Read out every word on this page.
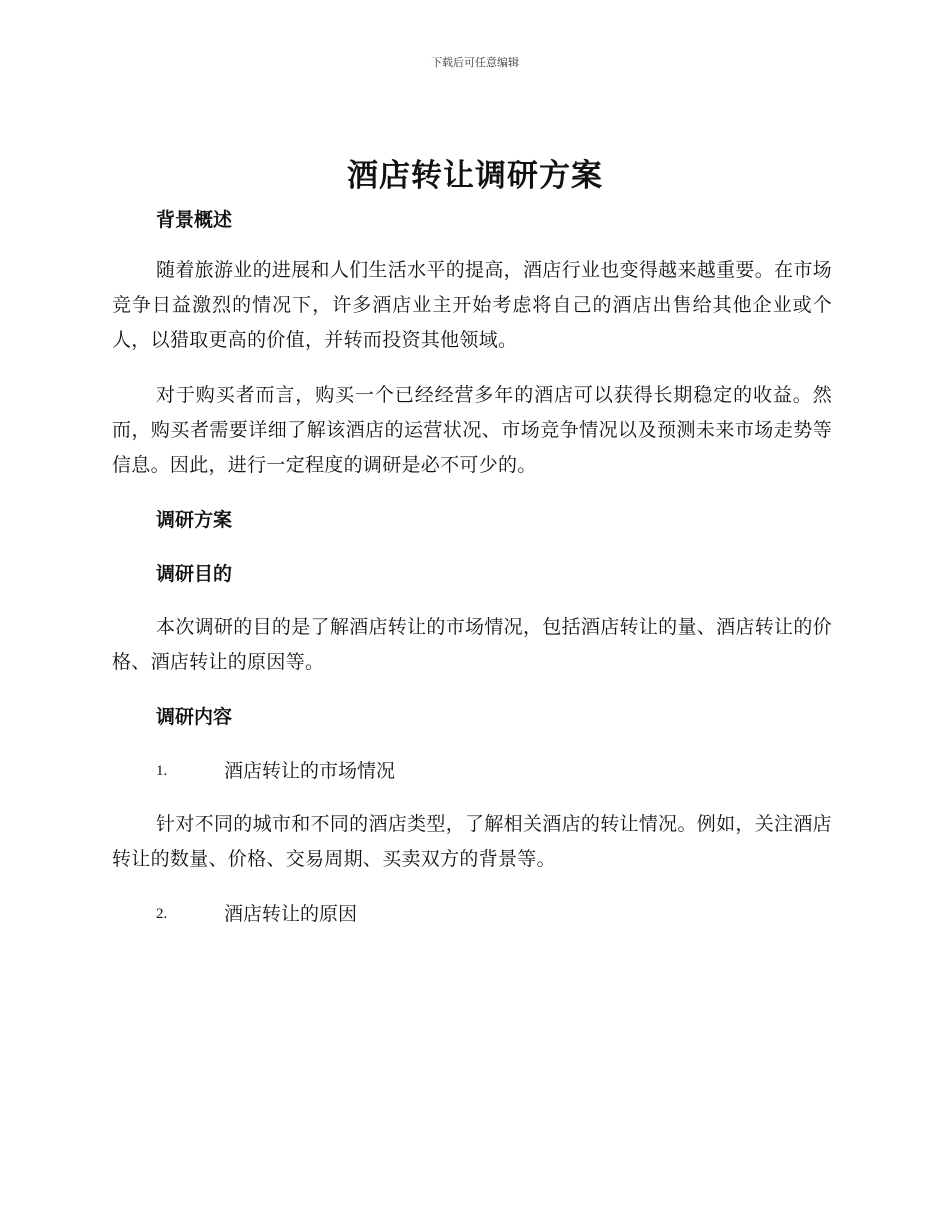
下载后可任意编辑
酒店转让调研方案

背景概述

随着旅游业的进展和人们生活水平的提高，酒店行业也变得越来越重要。在市场竞争日益激烈的情况下，许多酒店业主开始考虑将自己的酒店出售给其他企业或个人，以猎取更高的价值，并转而投资其他领域。

对于购买者而言，购买一个已经经营多年的酒店可以获得长期稳定的收益。然而，购买者需要详细了解该酒店的运营状况、市场竞争情况以及预测未来市场走势等信息。因此，进行一定程度的调研是必不可少的。

调研方案

调研目的

本次调研的目的是了解酒店转让的市场情况，包括酒店转让的量、酒店转让的价格、酒店转让的原因等。

调研内容

1.	酒店转让的市场情况

针对不同的城市和不同的酒店类型，了解相关酒店的转让情况。例如，关注酒店转让的数量、价格、交易周期、买卖双方的背景等。

2.	酒店转让的原因
